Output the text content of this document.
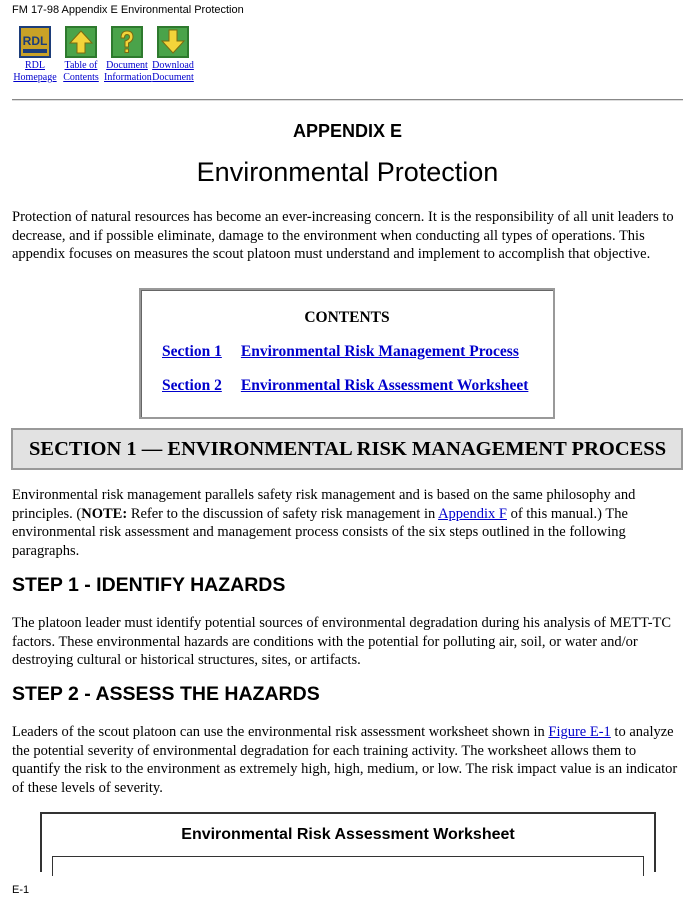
FM 17-98 Appendix E Environmental Protection
RDL
RDL
Homepage
Table of
Contents
Document
Information
Download
Document
APPENDIX E
Environmental Protection

Protection of natural resources has become an ever-increasing concern. It is the responsibility of all unit leaders to decrease, and if possible eliminate, damage to the environment when conducting all types of operations. This appendix focuses on measures the scout platoon must understand and implement to accomplish that objective.

CONTENTS
Section 1 Environmental Risk Management Process
Section 2 Environmental Risk Assessment Worksheet
SECTION 1 — ENVIRONMENTAL RISK MANAGEMENT PROCESS

Environmental risk management parallels safety risk management and is based on the same philosophy and principles. (NOTE: Refer to the discussion of safety risk management in Appendix F of this manual.) The environmental risk assessment and management process consists of the six steps outlined in the following paragraphs.

STEP 1 - IDENTIFY HAZARDS

The platoon leader must identify potential sources of environmental degradation during his analysis of METT-TC factors. These environmental hazards are conditions with the potential for polluting air, soil, or water and/or destroying cultural or historical structures, sites, or artifacts.

STEP 2 - ASSESS THE HAZARDS

Leaders of the scout platoon can use the environmental risk assessment worksheet shown in Figure E-1 to analyze the potential severity of environmental degradation for each training activity. The worksheet allows them to quantify the risk to the environment as extremely high, high, medium, or low. The risk impact value is an indicator of these levels of severity.

Environmental Risk Assessment Worksheet
E-1
